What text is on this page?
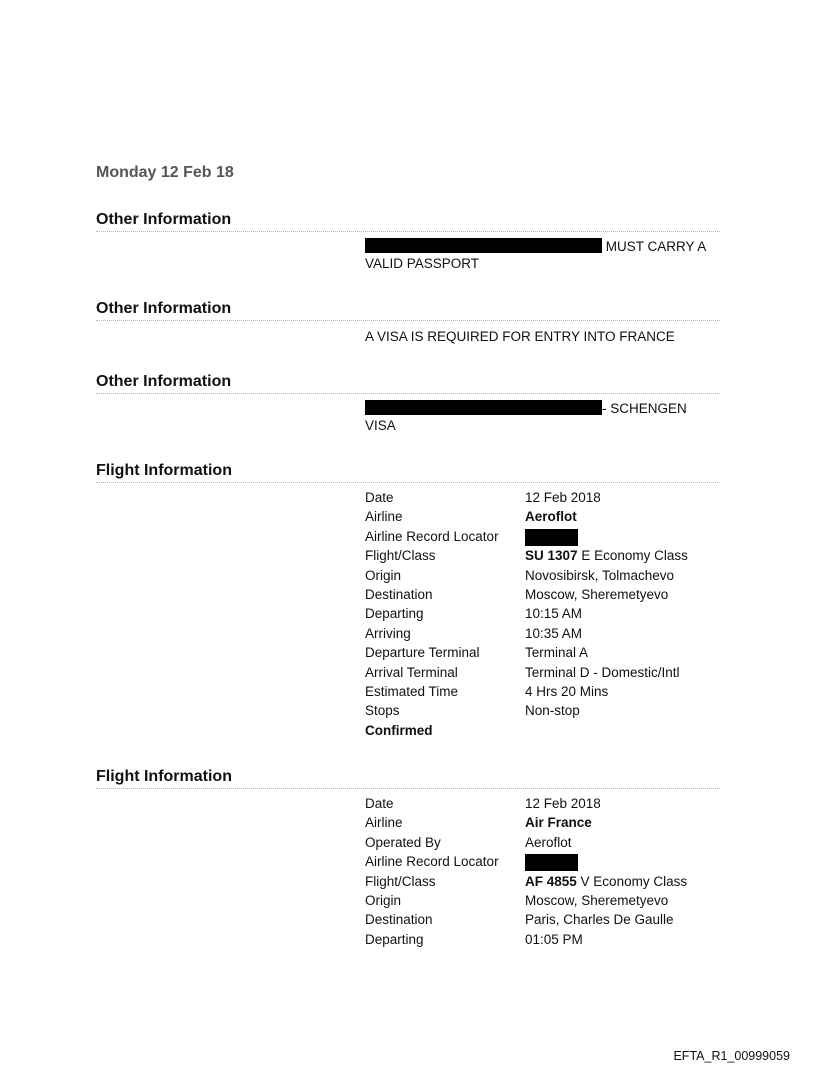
Monday 12 Feb 18
Other Information
MUST CARRY A
VALID PASSPORT
Other Information
A VISA IS REQUIRED FOR ENTRY INTO FRANCE
Other Information
- SCHENGEN
VISA
Flight Information
Date	12 Feb 2018
Airline	Aeroflot
Airline Record Locator
Flight/Class	SU 1307 E Economy Class
Origin	Novosibirsk, Tolmachevo
Destination	Moscow, Sheremetyevo
Departing	10:15 AM
Arriving	10:35 AM
Departure Terminal	Terminal A
Arrival Terminal	Terminal D - Domestic/Intl
Estimated Time	4 Hrs 20 Mins
Stops	Non-stop
Confirmed
Flight Information
Date	12 Feb 2018
Airline	Air France
Operated By	Aeroflot
Airline Record Locator
Flight/Class	AF 4855 V Economy Class
Origin	Moscow, Sheremetyevo
Destination	Paris, Charles De Gaulle
Departing	01:05 PM
EFTA_R1_00999059
